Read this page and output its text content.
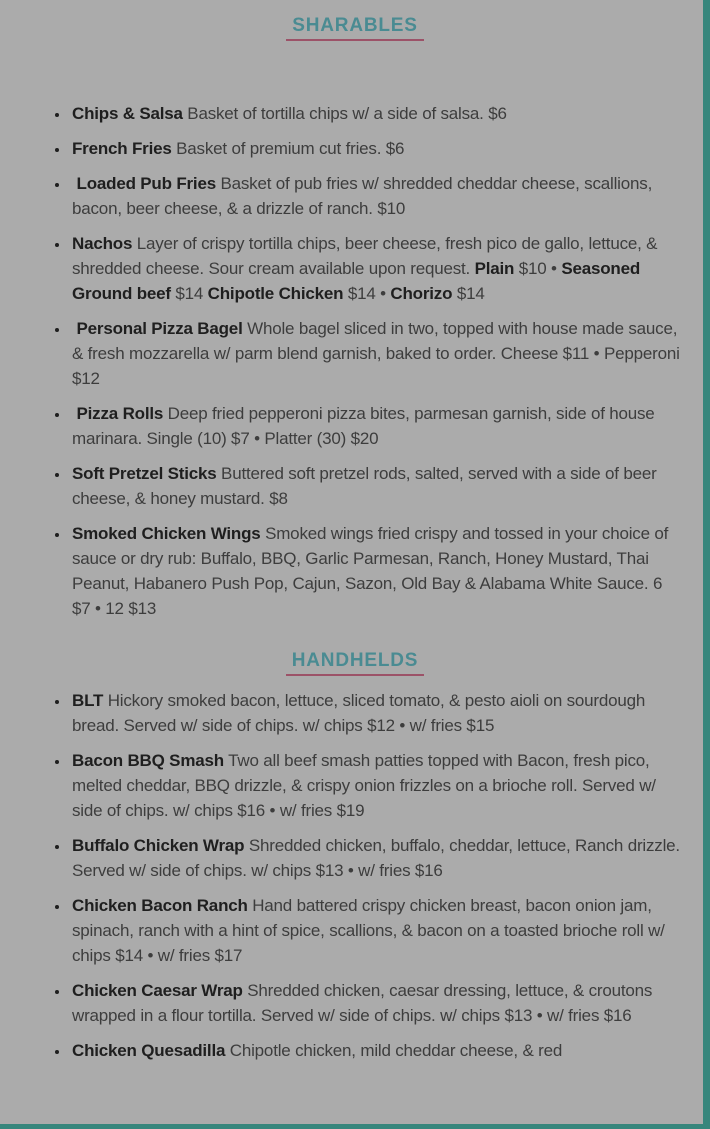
SHARABLES
• Chips & Salsa Basket of tortilla chips w/ a side of salsa. $6
• French Fries Basket of premium cut fries. $6
•  Loaded Pub Fries Basket of pub fries w/ shredded cheddar cheese, scallions, bacon, beer cheese, & a drizzle of ranch. $10
• Nachos Layer of crispy tortilla chips, beer cheese, fresh pico de gallo, lettuce, & shredded cheese. Sour cream available upon request. Plain $10 • Seasoned Ground beef $14 Chipotle Chicken $14 • Chorizo $14
•  Personal Pizza Bagel Whole bagel sliced in two, topped with house made sauce, & fresh mozzarella w/ parm blend garnish, baked to order. Cheese $11 • Pepperoni $12
•  Pizza Rolls Deep fried pepperoni pizza bites, parmesan garnish, side of house marinara. Single (10) $7 • Platter (30) $20
• Soft Pretzel Sticks Buttered soft pretzel rods, salted, served with a side of beer cheese, & honey mustard. $8
• Smoked Chicken Wings Smoked wings fried crispy and tossed in your choice of sauce or dry rub: Buffalo, BBQ, Garlic Parmesan, Ranch, Honey Mustard, Thai Peanut, Habanero Push Pop, Cajun, Sazon, Old Bay & Alabama White Sauce. 6 $7 • 12 $13
HANDHELDS
• BLT Hickory smoked bacon, lettuce, sliced tomato, & pesto aioli on sourdough bread. Served w/ side of chips. w/ chips $12 • w/ fries $15
• Bacon BBQ Smash Two all beef smash patties topped with Bacon, fresh pico, melted cheddar, BBQ drizzle, & crispy onion frizzles on a brioche roll. Served w/ side of chips. w/ chips $16 • w/ fries $19
• Buffalo Chicken Wrap Shredded chicken, buffalo, cheddar, lettuce, Ranch drizzle. Served w/ side of chips. w/ chips $13 • w/ fries $16
• Chicken Bacon Ranch Hand battered crispy chicken breast, bacon onion jam, spinach, ranch with a hint of spice, scallions, & bacon on a toasted brioche roll w/ chips $14 • w/ fries $17
• Chicken Caesar Wrap Shredded chicken, caesar dressing, lettuce, & croutons wrapped in a flour tortilla. Served w/ side of chips. w/ chips $13 • w/ fries $16
• Chicken Quesadilla Chipotle chicken, mild cheddar cheese, & red
